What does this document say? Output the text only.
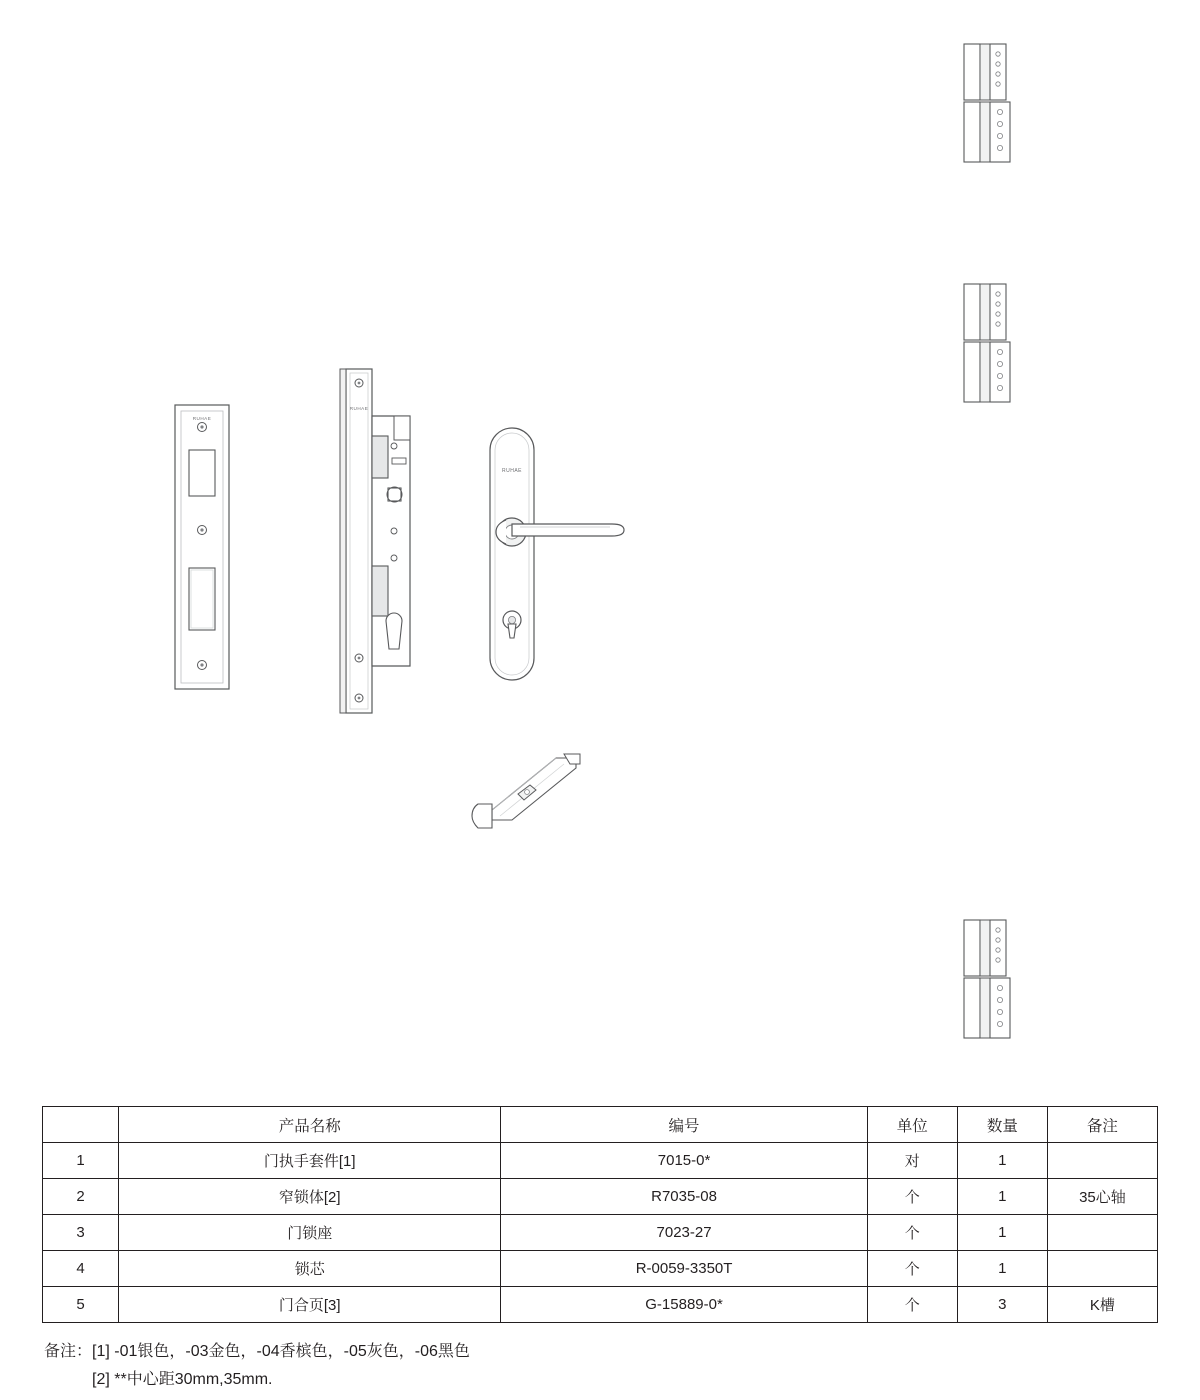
RUHAE
RUHAE
RUHAE
	产品名称	编号	单位	数量	备注
1	门执手套件[1]	7015-0*	对	1	
2	窄锁体[2]	R7035-08	个	1	35心轴
3	门锁座	7023-27	个	1	
4	锁芯	R-0059-3350T	个	1	
5	门合页[3]	G-15889-0*	个	3	K槽
备注：[1] -01银色，-03金色，-04香槟色，-05灰色，-06黑色
[2] **中心距30mm,35mm.
